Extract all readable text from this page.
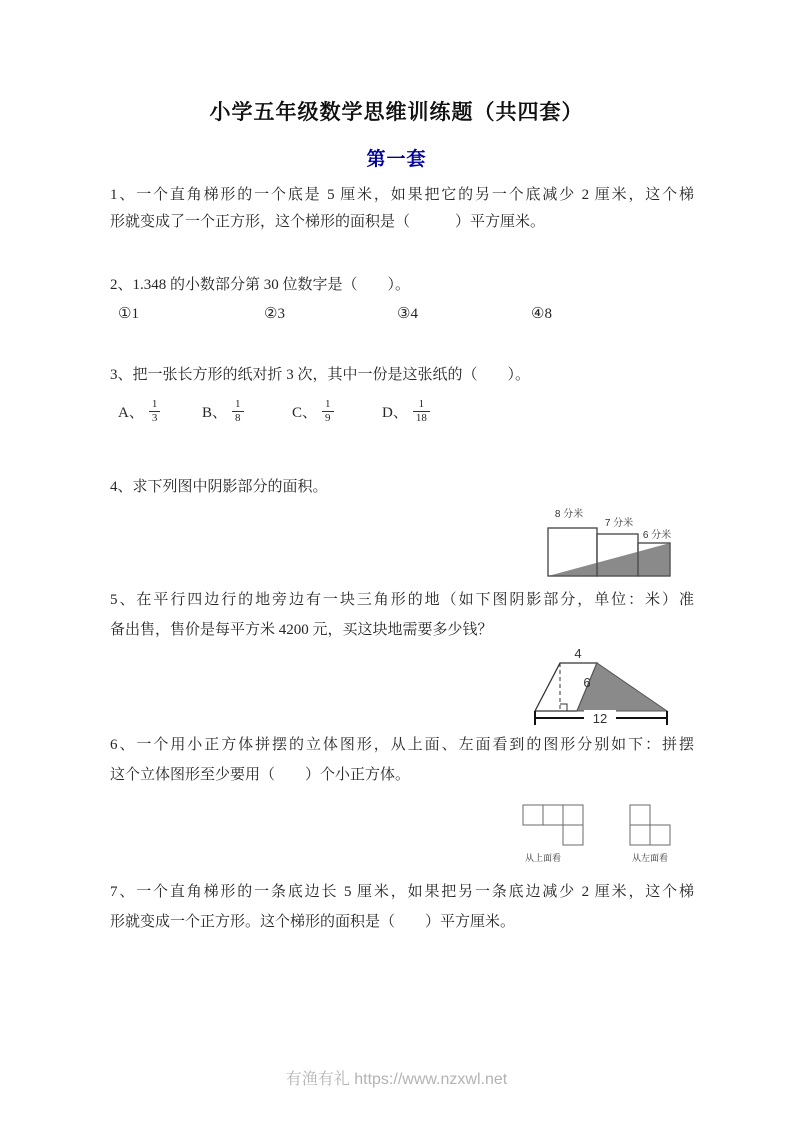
小学五年级数学思维训练题（共四套）
第一套
1、一个直角梯形的一个底是 5 厘米，如果把它的另一个底减少 2 厘米，这个梯
形就变成了一个正方形，这个梯形的面积是（　　　）平方厘米。
2、1.348 的小数部分第 30 位数字是（　　）。
①1	②3	③4	④8
3、把一张长方形的纸对折 3 次，其中一份是这张纸的（　　）。
A、 $\frac{1}{3}$	B、 $\frac{1}{8}$	C、 $\frac{1}{9}$	D、 $\frac{1}{18}$
4、求下列图中阴影部分的面积。
8 分米
7 分米
6 分米
5、在平行四边行的地旁边有一块三角形的地（如下图阴影部分，单位：米）准
备出售，售价是每平方米 4200 元，买这块地需要多少钱？
4
6
12
6、一个用小正方体拼摆的立体图形，从上面、左面看到的图形分别如下：拼摆
这个立体图形至少要用（　　）个小正方体。
从上面看	从左面看
7、一个直角梯形的一条底边长 5 厘米，如果把另一条底边减少 2 厘米，这个梯
形就变成一个正方形。这个梯形的面积是（　　）平方厘米。
有渔有礼 https://www.nzxwl.net
